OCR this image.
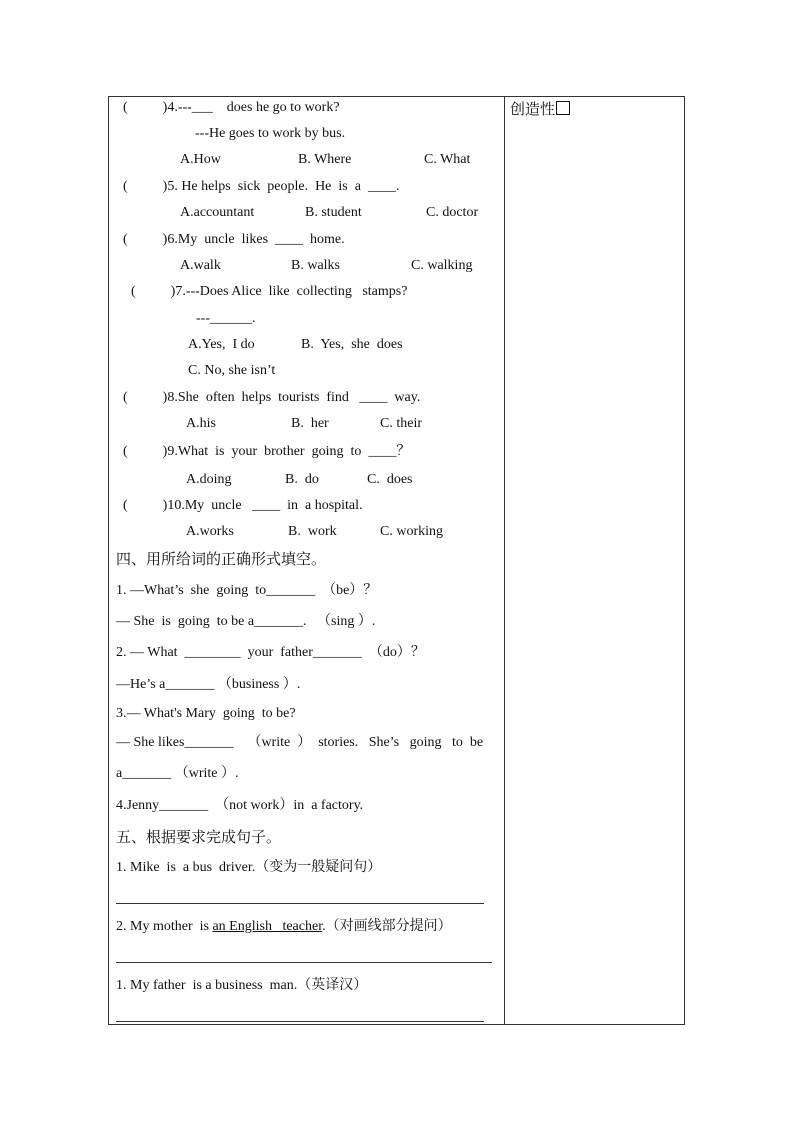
创造性
(          )4.---___    does he go to work?
---He goes to work by bus.
A.How	B. Where	C. What
(          )5. He helps  sick  people.  He  is  a  ____.
A.accountant	B. student	C. doctor
(          )6.My  uncle  likes  ____  home.
A.walk	B. walks	C. walking
(          )7.---Does Alice  like  collecting   stamps?
---______.
A.Yes,  I do	B.  Yes,  she  does
C. No, she isn’t
(          )8.She  often  helps  tourists  find   ____  way.
A.his	B.  her	C. their
(          )9.What  is  your  brother  going  to  ____？
A.doing	B.  do	C.  does
(          )10.My  uncle   ____  in  a hospital.
A.works	B.  work	C. working
四、用所给词的正确形式填空。
1. —What’s  she  going  to_______  （be）？
— She  is  going  to be a_______.   （sing ）.
2. — What  ________  your  father_______  （do）？
—He’s a_______ （business ）.
3.— What's Mary  going  to be?
— She likes_______    （write  ）  stories.   She’s   going   to  be
a_______ （write ）.
4.Jenny_______  （not work）in  a factory.
五、根据要求完成句子。
1. Mike  is  a bus  driver.（变为一般疑问句）
2. My mother  is an English   teacher.（对画线部分提问）
1. My father  is a business  man.（英译汉）
